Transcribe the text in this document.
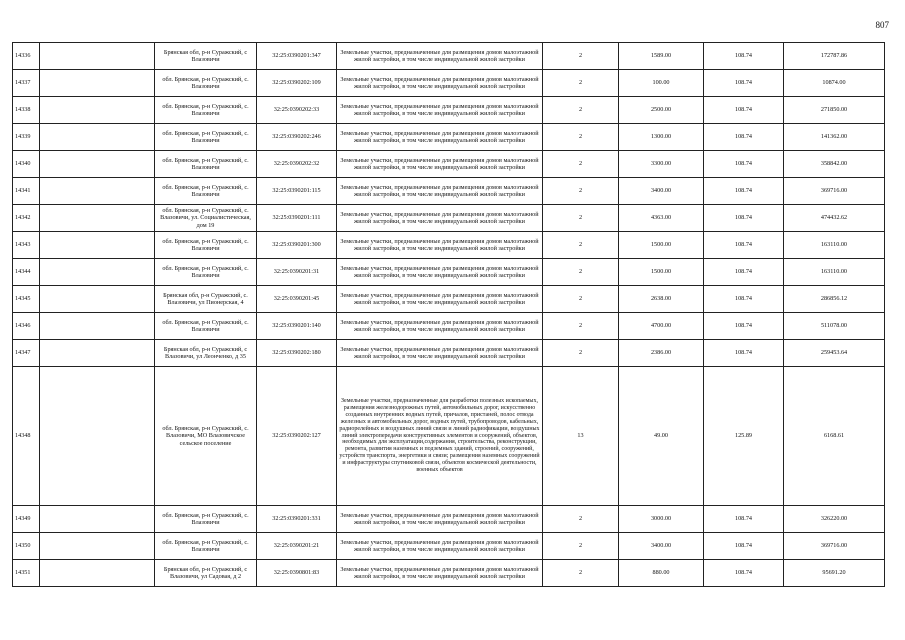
807
14336		Брянская обл, р-н Суражский, с Влазовичи	32:25:0390201:347	Земельные участки, предназначенные для размещения домов малоэтажной жилой застройки, в том числе индивидуальной жилой застройки	2	1589.00	108.74	172787.86
14337		обл. Брянская, р-н Суражский, с. Влазовичи	32:25:0390202:109	Земельные участки, предназначенные для размещения домов малоэтажной жилой застройки, в том числе индивидуальной жилой застройки	2	100.00	108.74	10874.00
14338		обл. Брянская, р-н Суражский, с. Влазовичи	32:25:0390202:33	Земельные участки, предназначенные для размещения домов малоэтажной жилой застройки, в том числе индивидуальной жилой застройки	2	2500.00	108.74	271850.00
14339		обл. Брянская, р-н Суражский, с. Влазовичи	32:25:0390202:246	Земельные участки, предназначенные для размещения домов малоэтажной жилой застройки, в том числе индивидуальной жилой застройки	2	1300.00	108.74	141362.00
14340		обл. Брянская, р-н Суражский, с. Влазовичи	32:25:0390202:32	Земельные участки, предназначенные для размещения домов малоэтажной жилой застройки, в том числе индивидуальной жилой застройки	2	3300.00	108.74	358842.00
14341		обл. Брянская, р-н Суражский, с. Влазовичи	32:25:0390201:115	Земельные участки, предназначенные для размещения домов малоэтажной жилой застройки, в том числе индивидуальной жилой застройки	2	3400.00	108.74	369716.00
14342		обл. Брянская, р-н Суражский, с. Влазовичи, ул. Социалистическая, дом 19	32:25:0390201:111	Земельные участки, предназначенные для размещения домов малоэтажной жилой застройки, в том числе индивидуальной жилой застройки	2	4363.00	108.74	474432.62
14343		обл. Брянская, р-н Суражский, с. Влазовичи	32:25:0390201:300	Земельные участки, предназначенные для размещения домов малоэтажной жилой застройки, в том числе индивидуальной жилой застройки	2	1500.00	108.74	163110.00
14344		обл. Брянская, р-н Суражский, с. Влазовичи	32:25:0390201:31	Земельные участки, предназначенные для размещения домов малоэтажной жилой застройки, в том числе индивидуальной жилой застройки	2	1500.00	108.74	163110.00
14345		Брянская обл, р-н Суражский, с. Влазовичи, ул Пионерская, 4	32:25:0390201:45	Земельные участки, предназначенные для размещения домов малоэтажной жилой застройки, в том числе индивидуальной жилой застройки	2	2638.00	108.74	286856.12
14346		обл. Брянская, р-н Суражский, с. Влазовичи	32:25:0390201:140	Земельные участки, предназначенные для размещения домов малоэтажной жилой застройки, в том числе индивидуальной жилой застройки	2	4700.00	108.74	511078.00
14347		Брянская обл, р-н Суражский, с Влазовичи, ул Леонченко, д 35	32:25:0390202:180	Земельные участки, предназначенные для размещения домов малоэтажной жилой застройки, в том числе индивидуальной жилой застройки	2	2386.00	108.74	259453.64
14348		обл. Брянская, р-н Суражский, с. Влазовичи, МО Влазовичское сельское поселение	32:25:0390202:127	Земельные участки, предназначенные для разработки полезных ископаемых, размещения железнодорожных путей, автомобильных дорог, искусственно созданных внутренних водных путей, причалов, пристаней, полос отвода железных и автомобильных дорог, водных путей, трубопроводов, кабельных, радиорелейных и воздушных линий связи и линий радиофикации, воздушных линий электропередачи конструктивных элементов и сооружений, объектов, необходимых для эксплуатации,содержания, строительства, реконструкции, ремонта, развития наземных и подземных зданий, строений, сооружений, устройств транспорта, энергетики и связи; размещения наземных сооружений и инфраструктуры спутниковой связи, объектов космической деятельности, военных объектов	13	49.00	125.89	6168.61
14349		обл. Брянская, р-н Суражский, с. Влазовичи	32:25:0390201:331	Земельные участки, предназначенные для размещения домов малоэтажной жилой застройки, в том числе индивидуальной жилой застройки	2	3000.00	108.74	326220.00
14350		обл. Брянская, р-н Суражский, с. Влазовичи	32:25:0390201:21	Земельные участки, предназначенные для размещения домов малоэтажной жилой застройки, в том числе индивидуальной жилой застройки	2	3400.00	108.74	369716.00
14351		Брянская обл, р-н Суражский, с Влазовичи, ул Садовая, д 2	32:25:0390801:83	Земельные участки, предназначенные для размещения домов малоэтажной жилой застройки, в том числе индивидуальной жилой застройки	2	880.00	108.74	95691.20
